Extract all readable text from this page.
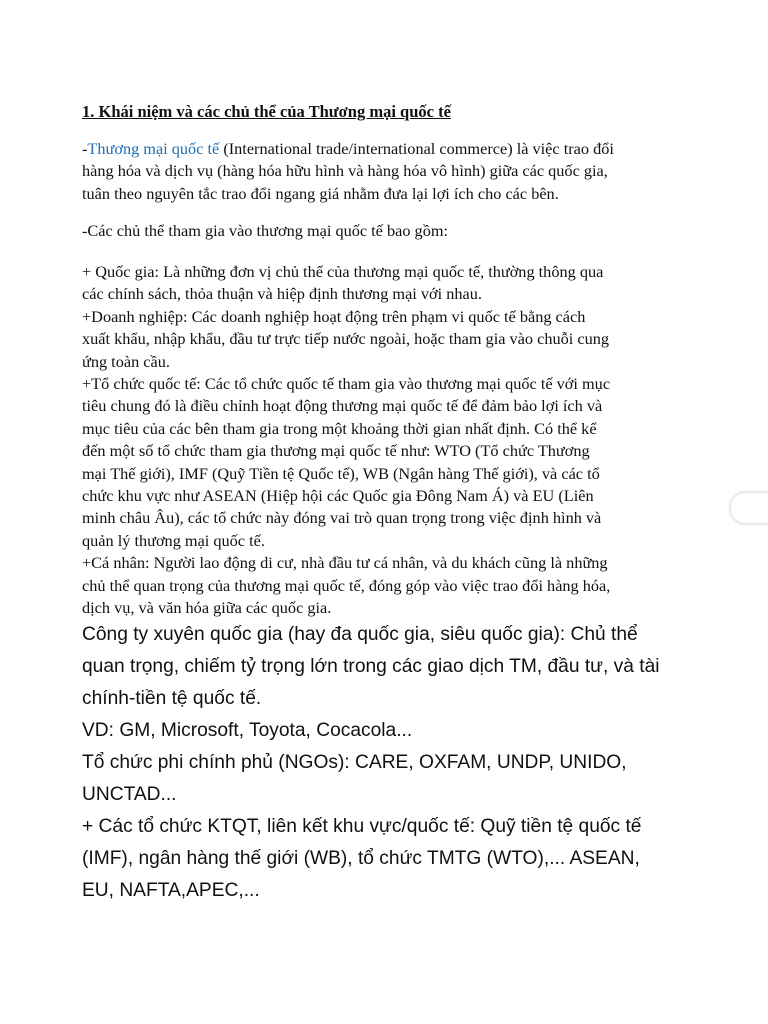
1. Khái niệm và các chủ thể của Thương mại quốc tế
-Thương mại quốc tế (International trade/international commerce) là việc trao đổi
hàng hóa và dịch vụ (hàng hóa hữu hình và hàng hóa vô hình) giữa các quốc gia,
tuân theo nguyên tắc trao đổi ngang giá nhằm đưa lại lợi ích cho các bên.
-Các chủ thể tham gia vào thương mại quốc tế bao gồm:
+ Quốc gia: Là những đơn vị chủ thể của thương mại quốc tế, thường thông qua
các chính sách, thỏa thuận và hiệp định thương mại với nhau.
+Doanh nghiệp: Các doanh nghiệp hoạt động trên phạm vi quốc tế bằng cách
xuất khẩu, nhập khẩu, đầu tư trực tiếp nước ngoài, hoặc tham gia vào chuỗi cung
ứng toàn cầu.
+Tổ chức quốc tế: Các tổ chức quốc tế tham gia vào thương mại quốc tế với mục
tiêu chung đó là điều chỉnh hoạt động thương mại quốc tế để đảm bảo lợi ích và
mục tiêu của các bên tham gia trong một khoảng thời gian nhất định. Có thể kể
đến một số tổ chức tham gia thương mại quốc tế như: WTO (Tổ chức Thương
mại Thế giới), IMF (Quỹ Tiền tệ Quốc tế), WB (Ngân hàng Thế giới), và các tổ
chức khu vực như ASEAN (Hiệp hội các Quốc gia Đông Nam Á) và EU (Liên
minh châu Âu), các tổ chức này đóng vai trò quan trọng trong việc định hình và
quản lý thương mại quốc tế.
+Cá nhân: Người lao động di cư, nhà đầu tư cá nhân, và du khách cũng là những
chủ thể quan trọng của thương mại quốc tế, đóng góp vào việc trao đổi hàng hóa,
dịch vụ, và văn hóa giữa các quốc gia.
Công ty xuyên quốc gia (hay đa quốc gia, siêu quốc gia): Chủ thể
quan trọng, chiếm tỷ trọng lớn trong các giao dịch TM, đầu tư, và tài
chính-tiền tệ quốc tế.
VD: GM, Microsoft, Toyota, Cocacola...
Tổ chức phi chính phủ (NGOs): CARE, OXFAM, UNDP, UNIDO,
UNCTAD...
+ Các tổ chức KTQT, liên kết khu vực/quốc tế: Quỹ tiền tệ quốc tế
(IMF), ngân hàng thế giới (WB), tổ chức TMTG (WTO),... ASEAN,
EU, NAFTA,APEC,...
